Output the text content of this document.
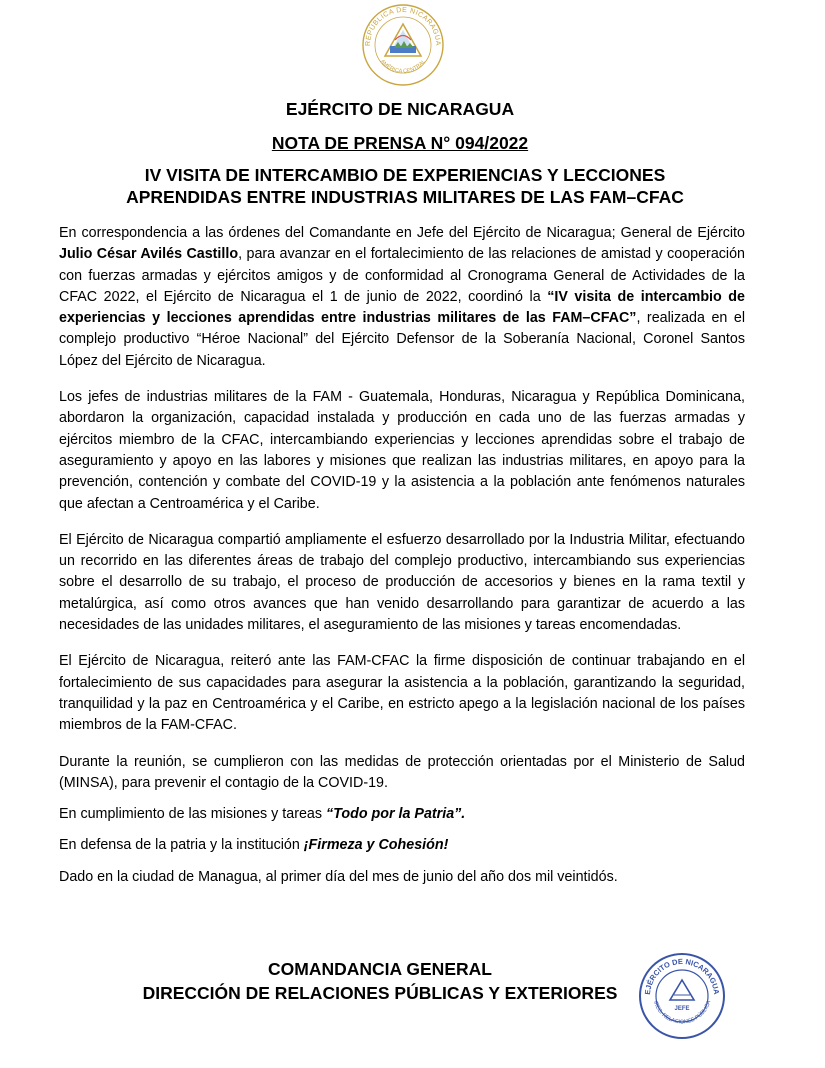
REPÚBLICA DE NICARAGUA
AMÉRICA CENTRAL
EJÉRCITO DE NICARAGUA
NOTA DE PRENSA N° 094/2022
IV VISITA DE INTERCAMBIO DE EXPERIENCIAS Y LECCIONES
APRENDIDAS ENTRE INDUSTRIAS MILITARES DE LAS FAM–CFAC

En correspondencia a las órdenes del Comandante en Jefe del Ejército de Nicaragua; General de Ejército Julio César Avilés Castillo, para avanzar en el fortalecimiento de las relaciones de amistad y cooperación con fuerzas armadas y ejércitos amigos y de conformidad al Cronograma General de Actividades de la CFAC 2022, el Ejército de Nicaragua el 1 de junio de 2022, coordinó la “IV visita de intercambio de experiencias y lecciones aprendidas entre industrias militares de las FAM–CFAC”, realizada en el complejo productivo “Héroe Nacional” del Ejército Defensor de la Soberanía Nacional, Coronel Santos López del Ejército de Nicaragua.

Los jefes de industrias militares de la FAM - Guatemala, Honduras, Nicaragua y República Dominicana, abordaron la organización, capacidad instalada y producción en cada uno de las fuerzas armadas y ejércitos miembro de la CFAC, intercambiando experiencias y lecciones aprendidas sobre el trabajo de aseguramiento y apoyo en las labores y misiones que realizan las industrias militares, en apoyo para la prevención, contención y combate del COVID-19 y la asistencia a la población ante fenómenos naturales que afectan a Centroamérica y el Caribe.

El Ejército de Nicaragua compartió ampliamente el esfuerzo desarrollado por la Industria Militar, efectuando un recorrido en las diferentes áreas de trabajo del complejo productivo, intercambiando sus experiencias sobre el desarrollo de su trabajo, el proceso de producción de accesorios y bienes en la rama textil y metalúrgica, así como otros avances que han venido desarrollando para garantizar de acuerdo a las necesidades de las unidades militares, el aseguramiento de las misiones y tareas encomendadas.

El Ejército de Nicaragua, reiteró ante las FAM-CFAC la firme disposición de continuar trabajando en el fortalecimiento de sus capacidades para asegurar la asistencia a la población, garantizando la seguridad, tranquilidad y la paz en Centroamérica y el Caribe, en estricto apego a la legislación nacional de los países miembros de la FAM-CFAC.

Durante la reunión, se cumplieron con las medidas de protección orientadas por el Ministerio de Salud (MINSA), para prevenir el contagio de la COVID-19.

En cumplimiento de las misiones y tareas “Todo por la Patria”.

En defensa de la patria y la institución ¡Firmeza y Cohesión!

Dado en la ciudad de Managua, al primer día del mes de junio del año dos mil veintidós.

COMANDANCIA GENERAL
DIRECCIÓN DE RELACIONES PÚBLICAS Y EXTERIORES	EJÉRCITO DE NICARAGUA
IREC. RELACIONES PÚBLICA
JEFE
